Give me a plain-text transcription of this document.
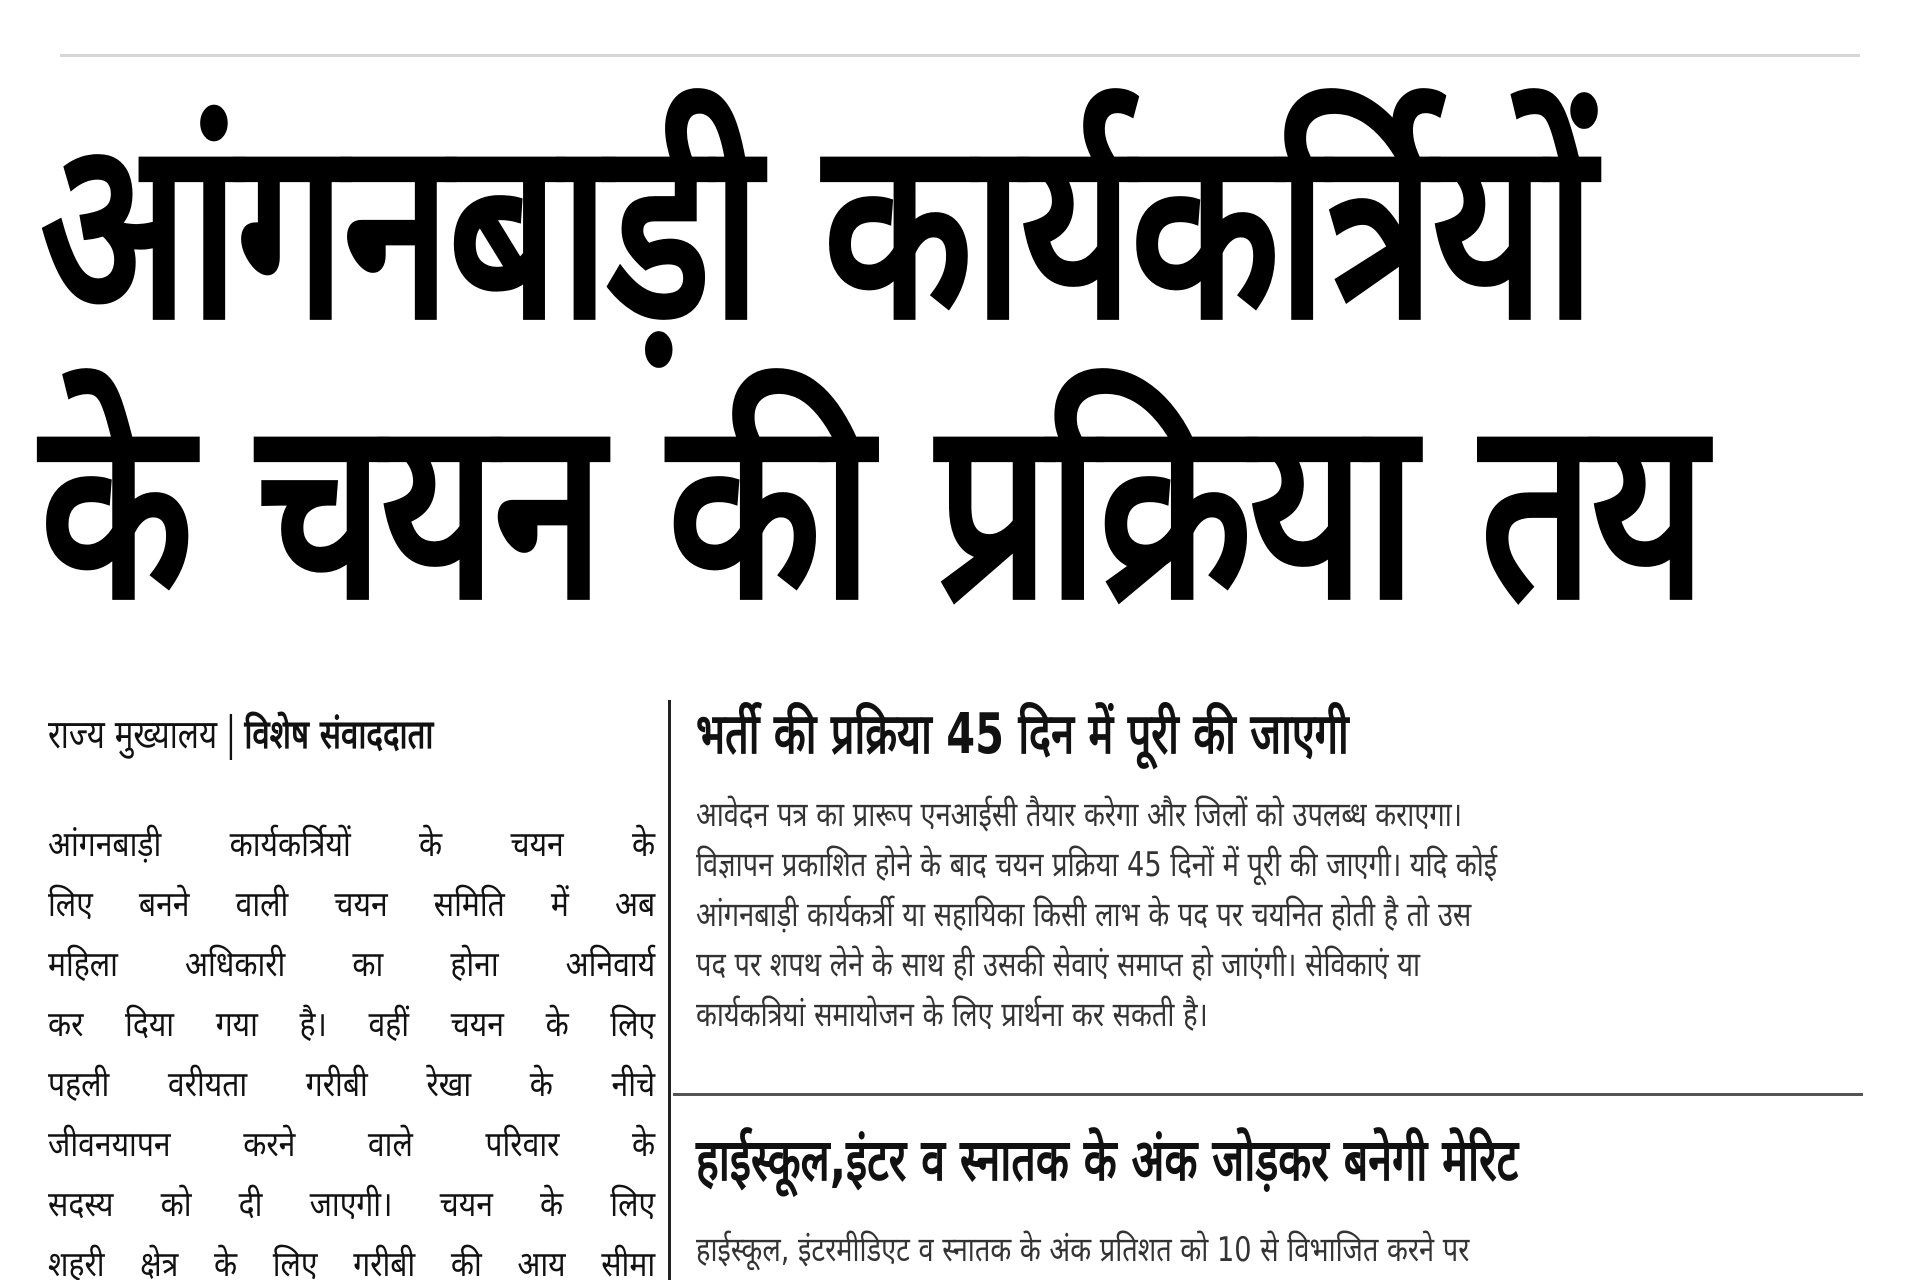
आंगनबाड़ी कार्यकर्त्रियों
के चयन की प्रक्रिया तय
राज्य मुख्यालय विशेष संवाददाता
आंगनबाड़ी कार्यकर्त्रियों के चयन के
लिए बनने वाली चयन समिति में अब
महिला अधिकारी का होना अनिवार्य
कर दिया गया है। वहीं चयन के लिए
पहली वरीयता गरीबी रेखा के नीचे
जीवनयापन करने वाले परिवार के
सदस्य को दी जाएगी। चयन के लिए
शहरी क्षेत्र के लिए गरीबी की आय सीमा
भर्ती की प्रक्रिया 45 दिन में पूरी की जाएगी
आवेदन पत्र का प्रारूप एनआईसी तैयार करेगा और जिलों को उपलब्ध कराएगा।
विज्ञापन प्रकाशित होने के बाद चयन प्रक्रिया 45 दिनों में पूरी की जाएगी। यदि कोई
आंगनबाड़ी कार्यकर्त्री या सहायिका किसी लाभ के पद पर चयनित होती है तो उस
पद पर शपथ लेने के साथ ही उसकी सेवाएं समाप्त हो जाएंगी। सेविकाएं या
कार्यकत्रियां समायोजन के लिए प्रार्थना कर सकती है।
हाईस्कूल,इंटर व स्नातक के अंक जोड़कर बनेगी मेरिट
हाईस्कूल, इंटरमीडिएट व स्नातक के अंक प्रतिशत को 10 से विभाजित करने पर
